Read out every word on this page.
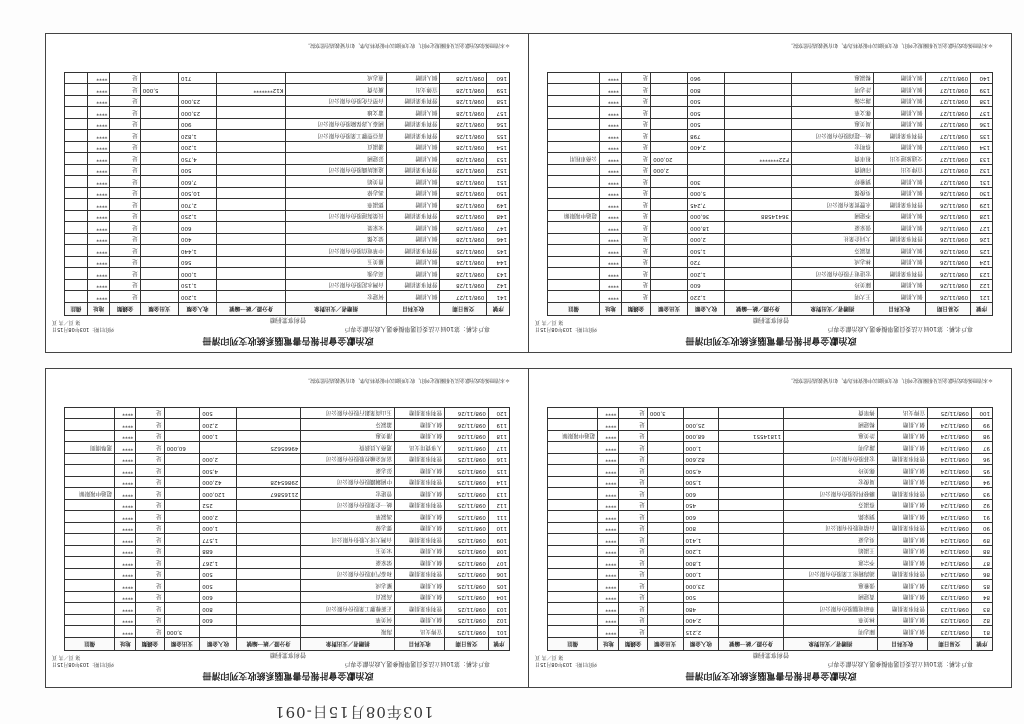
政治獻金會計報告書電腦系統收支列印清冊
專戶名稱：第10屆立法委員選舉擬參選人政治獻金專戶
營利事業捐贈
列印日期：103年08月15日
第 頁／共 頁
序號	交易日期	收支科目	捐贈者／支出對象	身分證／統一編號	收入金額	支出金額	金錢類	地址	備註
141	098/11/27	個人捐贈	何建宏		1,200		是	****	
142	098/11/28	營利事業捐贈	台灣水泥股份有限公司		1,150		是	****	
143	098/11/28	個人捐贈	高志強		1,000		是	****	
144	098/11/28	個人捐贈	羅美玉		560		是	****	
145	098/11/28	營利事業捐贈	中華電信股份有限公司		1,440		是	****	
146	098/11/28	個人捐贈	梁文傑		400		是	****	
147	098/11/28	個人捐贈	宋家榮		600		是	****	
148	098/11/28	營利事業捐贈	長榮海運股份有限公司		1,250		是	****	
149	098/11/28	個人捐贈	鄧淑華		2,700		是	****	
150	098/11/28	個人捐贈	馮志偉		10,500		是	****	
151	098/11/28	個人捐贈	曾美娟		7,600		是	****	
152	098/11/28	營利事業捐贈	遠東紡織股份有限公司		500		是	****	
153	098/11/28	個人捐贈	彭建國		4,750		是	****	
154	098/11/28	個人捐贈	潘淑貞		1,200		是	****	
155	098/11/28	營利事業捐贈	南亞塑膠工業股份有限公司		1,820		是	****	
156	098/11/28	營利事業捐贈	國泰人壽保險股份有限公司		900		是	****	
157	098/11/28	個人捐贈	蕭文雄		23,000		是	****	
158	098/11/28	營利事業捐贈	台塑石化股份有限公司		23,000		是	****	
159	098/11/28	宣傳支出	廣告費	K12*******		5,000	是	****	
160	098/11/28	個人捐贈	董志成		710		是	****	
＊本清冊係依政治獻金法及相關規定列印，收支明細以申報資料為準，如有疑義請洽監察院。
政治獻金會計報告書電腦系統收支列印清冊
專戶名稱：第10屆立法委員選舉擬參選人政治獻金專戶
營利事業捐贈
列印日期：103年08月15日
第 頁／共 頁
序號	交易日期	收支科目	捐贈者／支出對象	身分證／統一編號	收入金額	支出金額	金錢類	地址	備註
121	098/11/26	個人捐贈	王大明		1,220		是	****	
122	098/11/26	個人捐贈	陳美玲		600		是	****	
123	098/11/26	營利事業捐贈	宏達電子股份有限公司		1,200		是	****	
124	098/11/26	個人捐贈	林志成		720		是	****	
125	098/11/26	個人捐贈	黃淑芬		1,500		是	****	
126	098/11/26	營利事業捐贈	大同企業社		2,000		是	****	
127	098/11/26	個人捐贈	張家豪		18,000		是	****	
128	098/11/26	個人捐贈	李建國	36414588	36,000		是	****	超過申報限額
129	098/11/26	營利事業捐贈	永豐實業有限公司		7,245		是	****	
130	098/11/26	個人捐贈	吳俊傑		5,000		是	****	
131	098/11/27	個人捐贈	劉雅婷		300		是	****	
132	098/11/27	宣傳支出	印刷費			2,000	是	****	
133	098/11/27	交通旅運支出	租車費	F22*******		20,000	是	****	公務車租用
134	098/11/27	個人捐贈	蔡明宏		2,400		是	****	
135	098/11/27	營利事業捐贈	統一超商股份有限公司		798		是	****	
136	098/11/27	個人捐贈	周美惠		500		是	****	
137	098/11/27	個人捐贈	鄭文華		500		是	****	
138	098/11/27	個人捐贈	謝宗翰		500		是	****	
139	098/11/27	個人捐贈	許志明		800		是	****	
140	098/11/27	個人捐贈	楊淑惠		960		是	****	
＊本清冊係依政治獻金法及相關規定列印，收支明細以申報資料為準，如有疑義請洽監察院。
政治獻金會計報告書電腦系統收支列印清冊
專戶名稱：第10屆立法委員選舉擬參選人政治獻金專戶
營利事業捐贈
列印日期：103年08月15日
第 頁／共 頁
序號	交易日期	收支科目	捐贈者／支出對象	身分證／統一編號	收入金額	支出金額	金錢類	地址	備註
101	098/11/25	宣傳支出	海報			3,000	是	****	
102	098/11/25	個人捐贈	何美華		600		是	****	
103	098/11/25	營利事業捐贈	正新橡膠工業股份有限公司		800		是	****	
104	098/11/25	個人捐贈	高淑貞		600		是	****	
105	098/11/25	個人捐贈	羅志成		500		是	****	
106	098/11/25	營利事業捐贈	和泰汽車股份有限公司		500		是	****	
107	098/11/25	個人捐贈	梁家豪		1,267		是	****	
108	098/11/25	個人捐贈	宋美玉		688		是	****	
109	098/11/25	營利事業捐贈	台灣大哥大股份有限公司		1,577		是	****	
110	098/11/25	個人捐贈	鄧志偉		1,000		是	****	
111	098/11/25	個人捐贈	馮淑華		2,000		是	****	
112	098/11/25	營利事業捐贈	統一企業股份有限公司		252		是	****	
113	098/11/25	個人捐贈	曾建宏	21165867	120,000		是	****	超過申報限額
114	098/11/25	營利事業捐贈	中國鋼鐵股份有限公司	29865428	42,000		是	****	
115	098/11/25	個人捐贈	彭志豪		4,500		是	****	
116	098/11/25	營利事業捐贈	富邦金融控股股份有限公司		2,000		是	****	
117	098/11/26	人事費用支出	選務人員薪資	49665625		60,000	是	****	選舉期間
118	098/11/26	個人捐贈	潘美惠		1,000		是	****	
119	098/11/26	個人捐贈	蕭淑芬		2,200		是	****	
120	098/11/26	營利事業捐贈	玉山商業銀行股份有限公司		500		是	****	
＊本清冊係依政治獻金法及相關規定列印，收支明細以申報資料為準，如有疑義請洽監察院。
政治獻金會計報告書電腦系統收支列印清冊
專戶名稱：第10屆立法委員選舉擬參選人政治獻金專戶
營利事業捐贈
列印日期：103年08月15日
第 頁／共 頁
序號	交易日期	收支科目	捐贈者／支出對象	身分證／統一編號	收入金額	支出金額	金錢類	地址	備註
81	098/11/23	個人捐贈	陳志明		2,215		是	****	
82	098/11/23	個人捐贈	林美華		2,400		是	****	
83	098/11/23	營利事業捐贈	華碩電腦股份有限公司		480		是	****	
84	098/11/23	個人捐贈	黃建國		500		是	****	
85	098/11/23	個人捐贈	張雅惠		23,000		是	****	
86	098/11/24	營利事業捐贈	鴻海精密工業股份有限公司		1,000		是	****	
87	098/11/24	個人捐贈	李宗憲		1,800		是	****	
88	098/11/24	個人捐贈	王淑娟		1,200		是	****	
89	098/11/24	個人捐贈	吳志豪		1,410		是	****	
90	098/11/24	營利事業捐贈	台積電股份有限公司		800		是	****	
91	098/11/24	個人捐贈	劉家銘		600		是	****	
92	098/11/24	個人捐贈	蔡淑芬		450		是	****	
93	098/11/24	營利事業捐贈	聯發科技股份有限公司		600		是	****	
94	098/11/24	個人捐贈	周俊宏		1,500		是	****	
95	098/11/24	個人捐贈	鄭美玲		4,500		是	****	
96	098/11/24	營利事業捐贈	宏碁股份有限公司		82,600		是	****	
97	098/11/24	個人捐贈	謝志明		1,000		是	****	
98	098/11/24	個人捐贈	許美惠	11814551	68,000		是	****	超過申報限額
99	098/11/24	個人捐贈	楊建國		25,000		是	****	
100	098/11/25	宣傳支出	傳單費			3,000	是	****	
＊本清冊係依政治獻金法及相關規定列印，收支明細以申報資料為準，如有疑義請洽監察院。
103年08月15日-091
